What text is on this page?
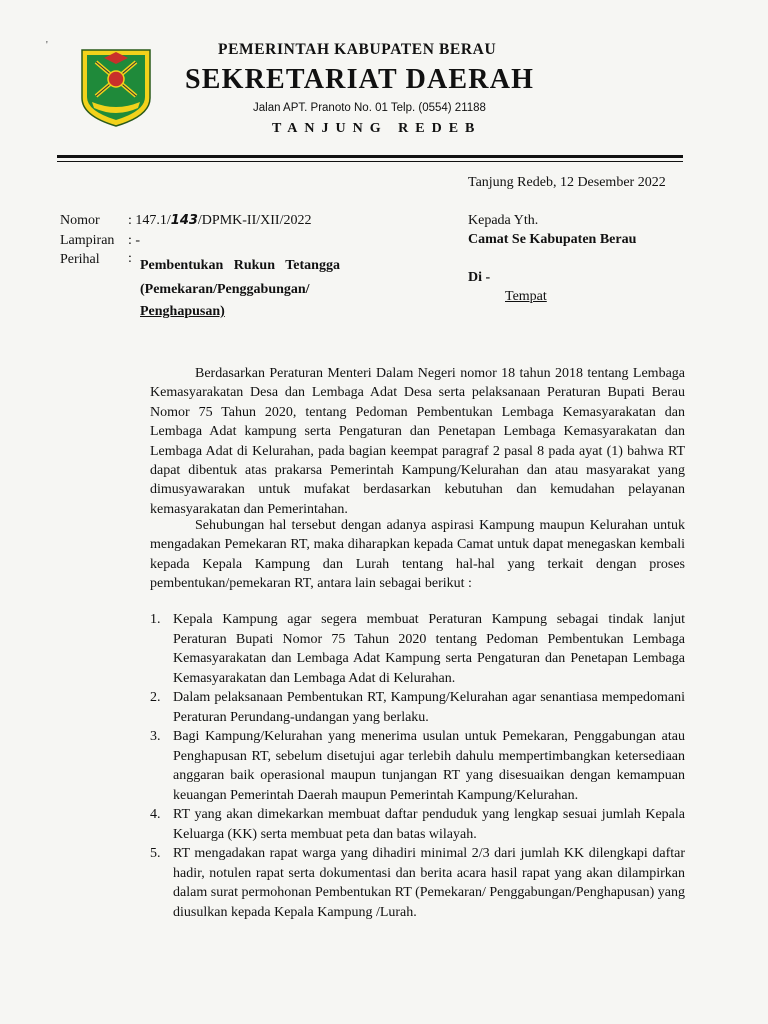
'	PEMERINTAH KABUPATEN BERAU
SEKRETARIAT DAERAH
Jalan APT. Pranoto No. 01 Telp. (0554) 21188
TANJUNG REDEB
Tanjung Redeb, 12 Desember 2022
Nomor : 147.1/143/DPMK-II/XII/2022
Lampiran : -
Perihal : Pembentukan Rukun Tetangga
(Pemekaran/Penggabungan/
Penghapusan)
Kepada Yth.
Camat Se Kabupaten Berau
Di -
Tempat
Berdasarkan Peraturan Menteri Dalam Negeri nomor 18 tahun 2018 tentang Lembaga Kemasyarakatan Desa dan Lembaga Adat Desa serta pelaksanaan Peraturan Bupati Berau Nomor 75 Tahun 2020, tentang Pedoman Pembentukan Lembaga Kemasyarakatan dan Lembaga Adat kampung serta Pengaturan dan Penetapan Lembaga Kemasyarakatan dan Lembaga Adat di Kelurahan, pada bagian keempat paragraf 2 pasal 8 pada ayat (1) bahwa RT dapat dibentuk atas prakarsa Pemerintah Kampung/Kelurahan dan atau masyarakat yang dimusyawarakan untuk mufakat berdasarkan kebutuhan dan kemudahan pelayanan kemasyarakatan dan Pemerintahan.
Sehubungan hal tersebut dengan adanya aspirasi Kampung maupun Kelurahan untuk mengadakan Pemekaran RT, maka diharapkan kepada Camat untuk dapat menegaskan kembali kepada Kepala Kampung dan Lurah tentang hal-hal yang terkait dengan proses pembentukan/pemekaran RT, antara lain sebagai berikut :
1. Kepala Kampung agar segera membuat Peraturan Kampung sebagai tindak lanjut Peraturan Bupati Nomor 75 Tahun 2020 tentang Pedoman Pembentukan Lembaga Kemasyarakatan dan Lembaga Adat Kampung serta Pengaturan dan Penetapan Lembaga Kemasyarakatan dan Lembaga Adat di Kelurahan.
2. Dalam pelaksanaan Pembentukan RT, Kampung/Kelurahan agar senantiasa mempedomani Peraturan Perundang-undangan yang berlaku.
3. Bagi Kampung/Kelurahan yang menerima usulan untuk Pemekaran, Penggabungan atau Penghapusan RT, sebelum disetujui agar terlebih dahulu mempertimbangkan ketersediaan anggaran baik operasional maupun tunjangan RT yang disesuaikan dengan kemampuan keuangan Pemerintah Daerah maupun Pemerintah Kampung/Kelurahan.
4. RT yang akan dimekarkan membuat daftar penduduk yang lengkap sesuai jumlah Kepala Keluarga (KK) serta membuat peta dan batas wilayah.
5. RT mengadakan rapat warga yang dihadiri minimal 2/3 dari jumlah KK dilengkapi daftar hadir, notulen rapat serta dokumentasi dan berita acara hasil rapat yang akan dilampirkan dalam surat permohonan Pembentukan RT (Pemekaran/ Penggabungan/Penghapusan) yang diusulkan kepada Kepala Kampung /Lurah.
